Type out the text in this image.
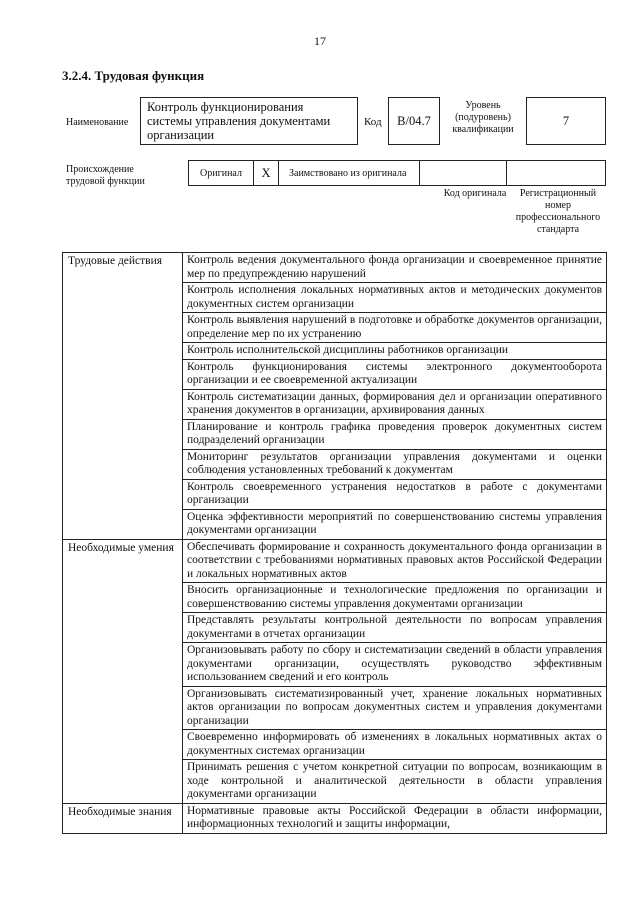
17
3.2.4. Трудовая функция
Наименование
Контроль функционирования системы управления документами организации
Код	B/04.7
Уровень (подуровень) квалификации
7
Происхождение трудовой функции
Оригинал	X	Заимствовано из оригинала
Код оригинала	Регистрационный номер профессионального стандарта
Трудовые действия	Контроль ведения документального фонда организации и своевременное принятие мер по предупреждению нарушений
	Контроль исполнения локальных нормативных актов и методических документов документных систем организации
	Контроль выявления нарушений в подготовке и обработке документов организации, определение мер по их устранению
	Контроль исполнительской дисциплины работников организации
	Контроль функционирования системы электронного документооборота организации и ее своевременной актуализации
	Контроль систематизации данных, формирования дел и организации оперативного хранения документов в организации, архивирования данных
	Планирование и контроль графика проведения проверок документных систем подразделений организации
	Мониторинг результатов организации управления документами и оценки соблюдения установленных требований к документам
	Контроль своевременного устранения недостатков в работе с документами организации
	Оценка эффективности мероприятий по совершенствованию системы управления документами организации
Необходимые умения	Обеспечивать формирование и сохранность документального фонда организации в соответствии с требованиями нормативных правовых актов Российской Федерации и локальных нормативных актов
	Вносить организационные и технологические предложения по организации и совершенствованию системы управления документами организации
	Представлять результаты контрольной деятельности по вопросам управления документами в отчетах организации
	Организовывать работу по сбору и систематизации сведений в области управления документами организации, осуществлять руководство эффективным использованием сведений и его контроль
	Организовывать систематизированный учет, хранение локальных нормативных актов организации по вопросам документных систем и управления документами организации
	Своевременно информировать об изменениях в локальных нормативных актах о документных системах организации
	Принимать решения с учетом конкретной ситуации по вопросам, возникающим в ходе контрольной и аналитической деятельности в области управления документами организации
Необходимые знания	Нормативные правовые акты Российской Федерации в области информации, информационных технологий и защиты информации,
